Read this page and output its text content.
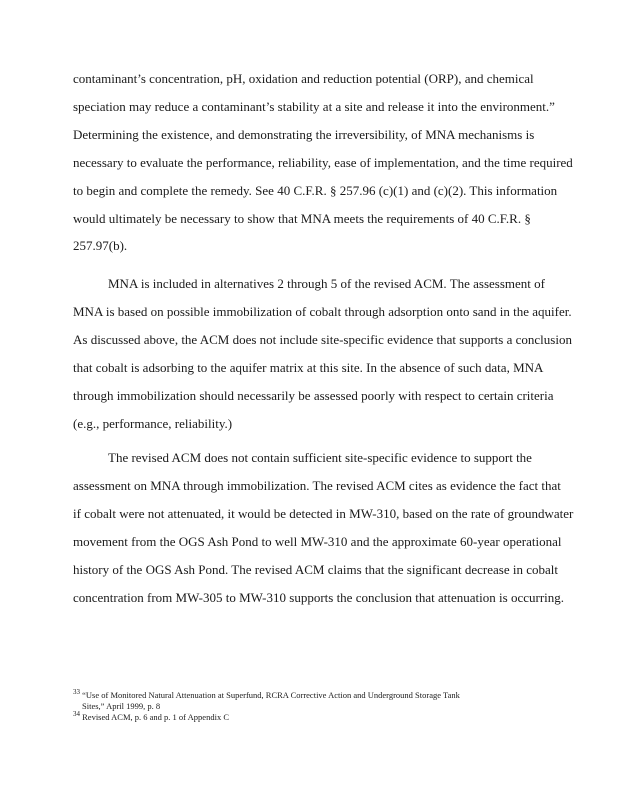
contaminant’s concentration, pH, oxidation and reduction potential (ORP), and chemical
speciation may reduce a contaminant’s stability at a site and release it into the environment.”
Determining the existence, and demonstrating the irreversibility, of MNA mechanisms is
necessary to evaluate the performance, reliability, ease of implementation, and the time required
to begin and complete the remedy. See 40 C.F.R. § 257.96 (c)(1) and (c)(2). This information
would ultimately be necessary to show that MNA meets the requirements of 40 C.F.R. §
257.97(b).
MNA is included in alternatives 2 through 5 of the revised ACM. The assessment of
MNA is based on possible immobilization of cobalt through adsorption onto sand in the aquifer.
As discussed above, the ACM does not include site-specific evidence that supports a conclusion
that cobalt is adsorbing to the aquifer matrix at this site. In the absence of such data, MNA
through immobilization should necessarily be assessed poorly with respect to certain criteria
(e.g., performance, reliability.)
The revised ACM does not contain sufficient site-specific evidence to support the
assessment on MNA through immobilization. The revised ACM cites as evidence the fact that
if cobalt were not attenuated, it would be detected in MW-310, based on the rate of groundwater
movement from the OGS Ash Pond to well MW-310 and the approximate 60-year operational
history of the OGS Ash Pond. The revised ACM claims that the significant decrease in cobalt
concentration from MW-305 to MW-310 supports the conclusion that attenuation is occurring.
$^{33}$ “Use of Monitored Natural Attenuation at Superfund, RCRA Corrective Action and Underground Storage Tank
Sites,” April 1999, p. 8
$^{34}$ Revised ACM, p. 6 and p. 1 of Appendix C
